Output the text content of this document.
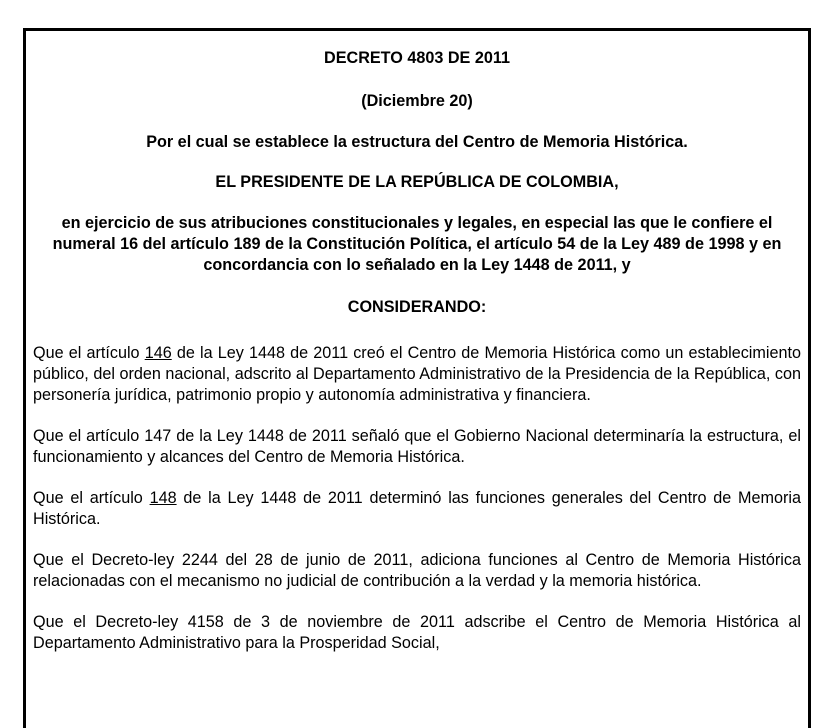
DECRETO 4803 DE 2011

(Diciembre 20)

Por el cual se establece la estructura del Centro de Memoria Histórica.

EL PRESIDENTE DE LA REPÚBLICA DE COLOMBIA,

en ejercicio de sus atribuciones constitucionales y legales, en especial las que le confiere el numeral 16 del artículo 189 de la Constitución Política, el artículo 54 de la Ley 489 de 1998 y en concordancia con lo señalado en la Ley 1448 de 2011, y

CONSIDERANDO:

Que el artículo 146 de la Ley 1448 de 2011 creó el Centro de Memoria Histórica como un establecimiento público, del orden nacional, adscrito al Departamento Administrativo de la Presidencia de la República, con personería jurídica, patrimonio propio y autonomía administrativa y financiera.

Que el artículo 147 de la Ley 1448 de 2011 señaló que el Gobierno Nacional determinaría la estructura, el funcionamiento y alcances del Centro de Memoria Histórica.

Que el artículo 148 de la Ley 1448 de 2011 determinó las funciones generales del Centro de Memoria Histórica.

Que el Decreto-ley 2244 del 28 de junio de 2011, adiciona funciones al Centro de Memoria Histórica relacionadas con el mecanismo no judicial de contribución a la verdad y la memoria histórica.

Que el Decreto-ley 4158 de 3 de noviembre de 2011 adscribe el Centro de Memoria Histórica al Departamento Administrativo para la Prosperidad Social,
